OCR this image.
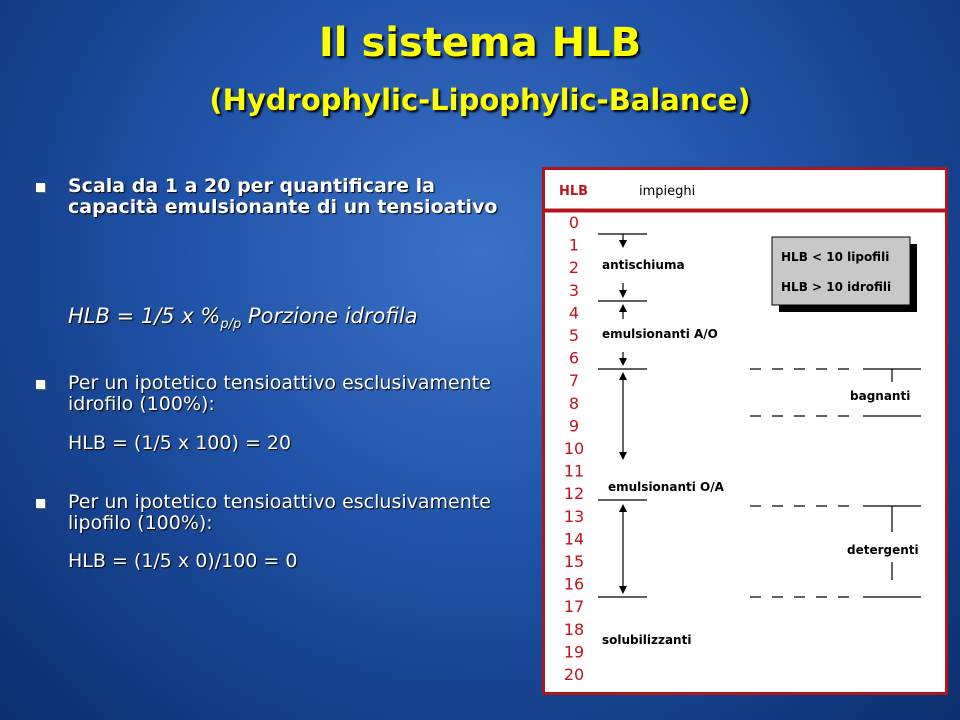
Il sistema HLB
(Hydrophylic-Lipophylic-Balance)
Scala da 1 a 20 per quantificare la capacità emulsionante di un tensioativo
HLB = 1/5 x $\%_{p/p}$ Porzione idrofila
Per un ipotetico tensioattivo esclusivamente idrofilo (100%):
HLB = (1/5 x 100) = 20
Per un ipotetico tensioattivo esclusivamente lipofilo (100%):
HLB = (1/5 x 0)/100 = 0
HLB	impieghi
0
1
2
3
4
5
6
7
8
9
10
11
12
13
14
15
16
17
18
19
20
antischiuma
emulsionanti A/O
emulsionanti O/A
solubilizzanti
bagnanti
detergenti
HLB < 10 lipofili
HLB > 10 idrofili
